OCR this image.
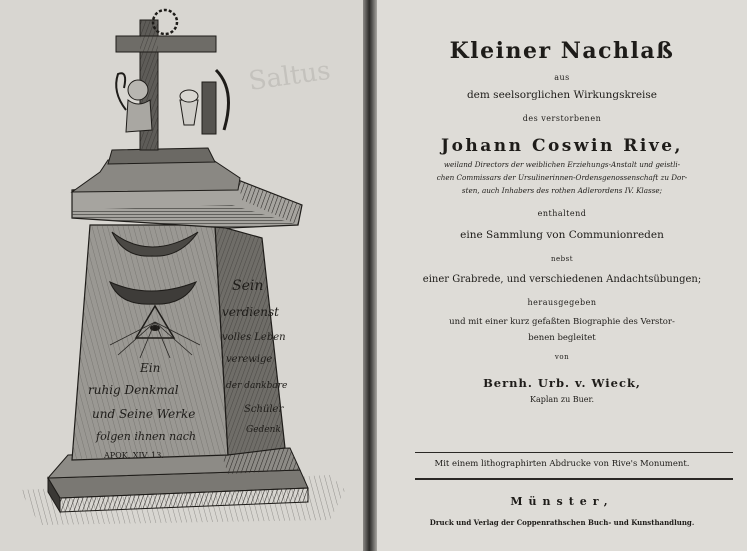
Saltus
Sein
verdienst
volles Leben
verewige
der dankbare
Schüler
Gedenk
Ein
ruhig Denkmal
und Seine Werke
folgen ihnen nach
APOK. XIV. 13.
Kleiner Nachlaß
aus
dem seelsorglichen Wirkungskreise
des verstorbenen
Johann Coswin Rive,
weiland Directors der weiblichen Erziehungs-Anstalt und geistli-
chen Commissars der Ursulinerinnen-Ordensgenossenschaft zu Dor-
sten, auch Inhabers des rothen Adlerordens IV. Klasse;
enthaltend
eine Sammlung von Communionreden
nebst
einer Grabrede, und verschiedenen Andachtsübungen;
herausgegeben
und mit einer kurz gefaßten Biographie des Verstor-
benen begleitet
von
Bernh. Urb. v. Wieck,
Kaplan zu Buer.
Mit einem lithographirten Abdrucke von Rive's Monument.
Münster,
Druck und Verlag der Coppenrathschen Buch- und Kunsthandlung.
